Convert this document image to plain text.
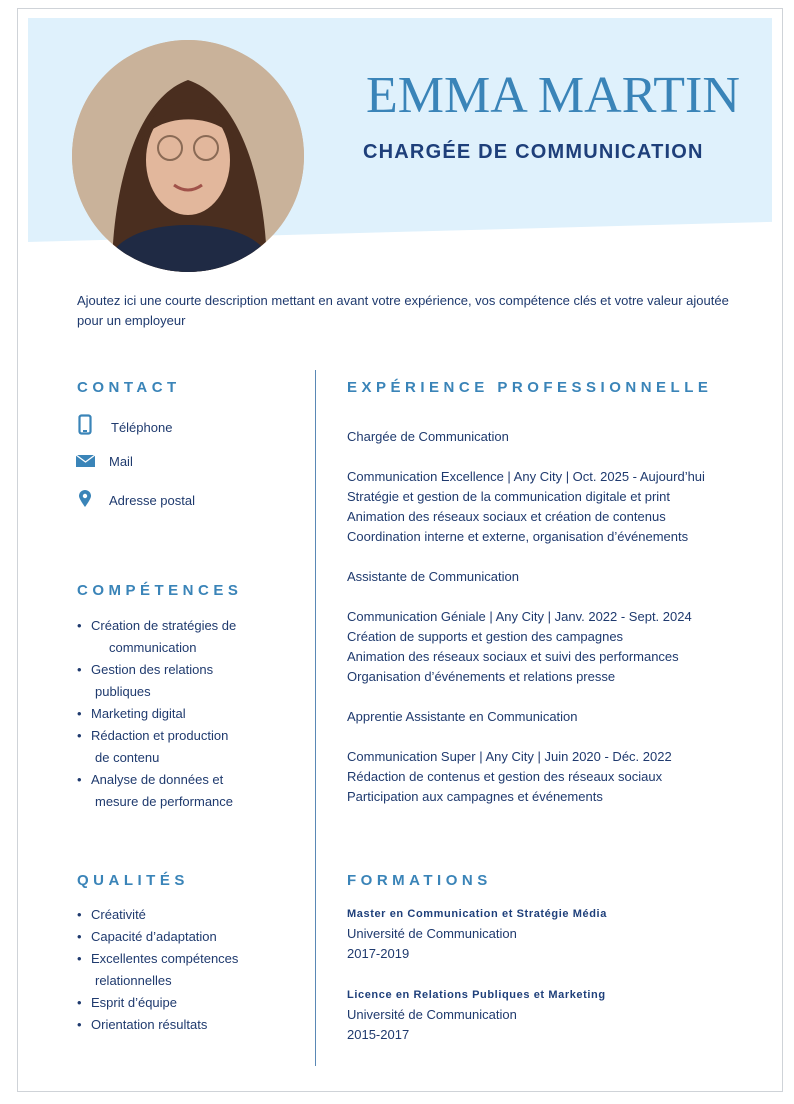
EMMA MARTIN
CHARGÉE DE COMMUNICATION
Ajoutez ici une courte description mettant en avant votre expérience, vos compétence clés et votre valeur ajoutée pour un employeur
CONTACT
Téléphone
Mail
Adresse postal
COMPÉTENCES
• Création de stratégies de
communication
• Gestion des relations
publiques
• Marketing digital
• Rédaction et production
de contenu
• Analyse de données et
mesure de performance
QUALITÉS
• Créativité
• Capacité d’adaptation
• Excellentes compétences
relationnelles
• Esprit d’équipe
• Orientation résultats
EXPÉRIENCE PROFESSIONNELLE
Chargée de Communication
Communication Excellence | Any City | Oct. 2025 - Aujourd’hui
Stratégie et gestion de la communication digitale et print
Animation des réseaux sociaux et création de contenus
Coordination interne et externe, organisation d’événements
Assistante de Communication
Communication Géniale | Any City | Janv. 2022 - Sept. 2024
Création de supports et gestion des campagnes
Animation des réseaux sociaux et suivi des performances
Organisation d’événements et relations presse
Apprentie Assistante en Communication
Communication Super | Any City | Juin 2020 - Déc. 2022
Rédaction de contenus et gestion des réseaux sociaux
Participation aux campagnes et événements
FORMATIONS
Master en Communication et Stratégie Média
Université de Communication
2017-2019
Licence en Relations Publiques et Marketing
Université de Communication
2015-2017
